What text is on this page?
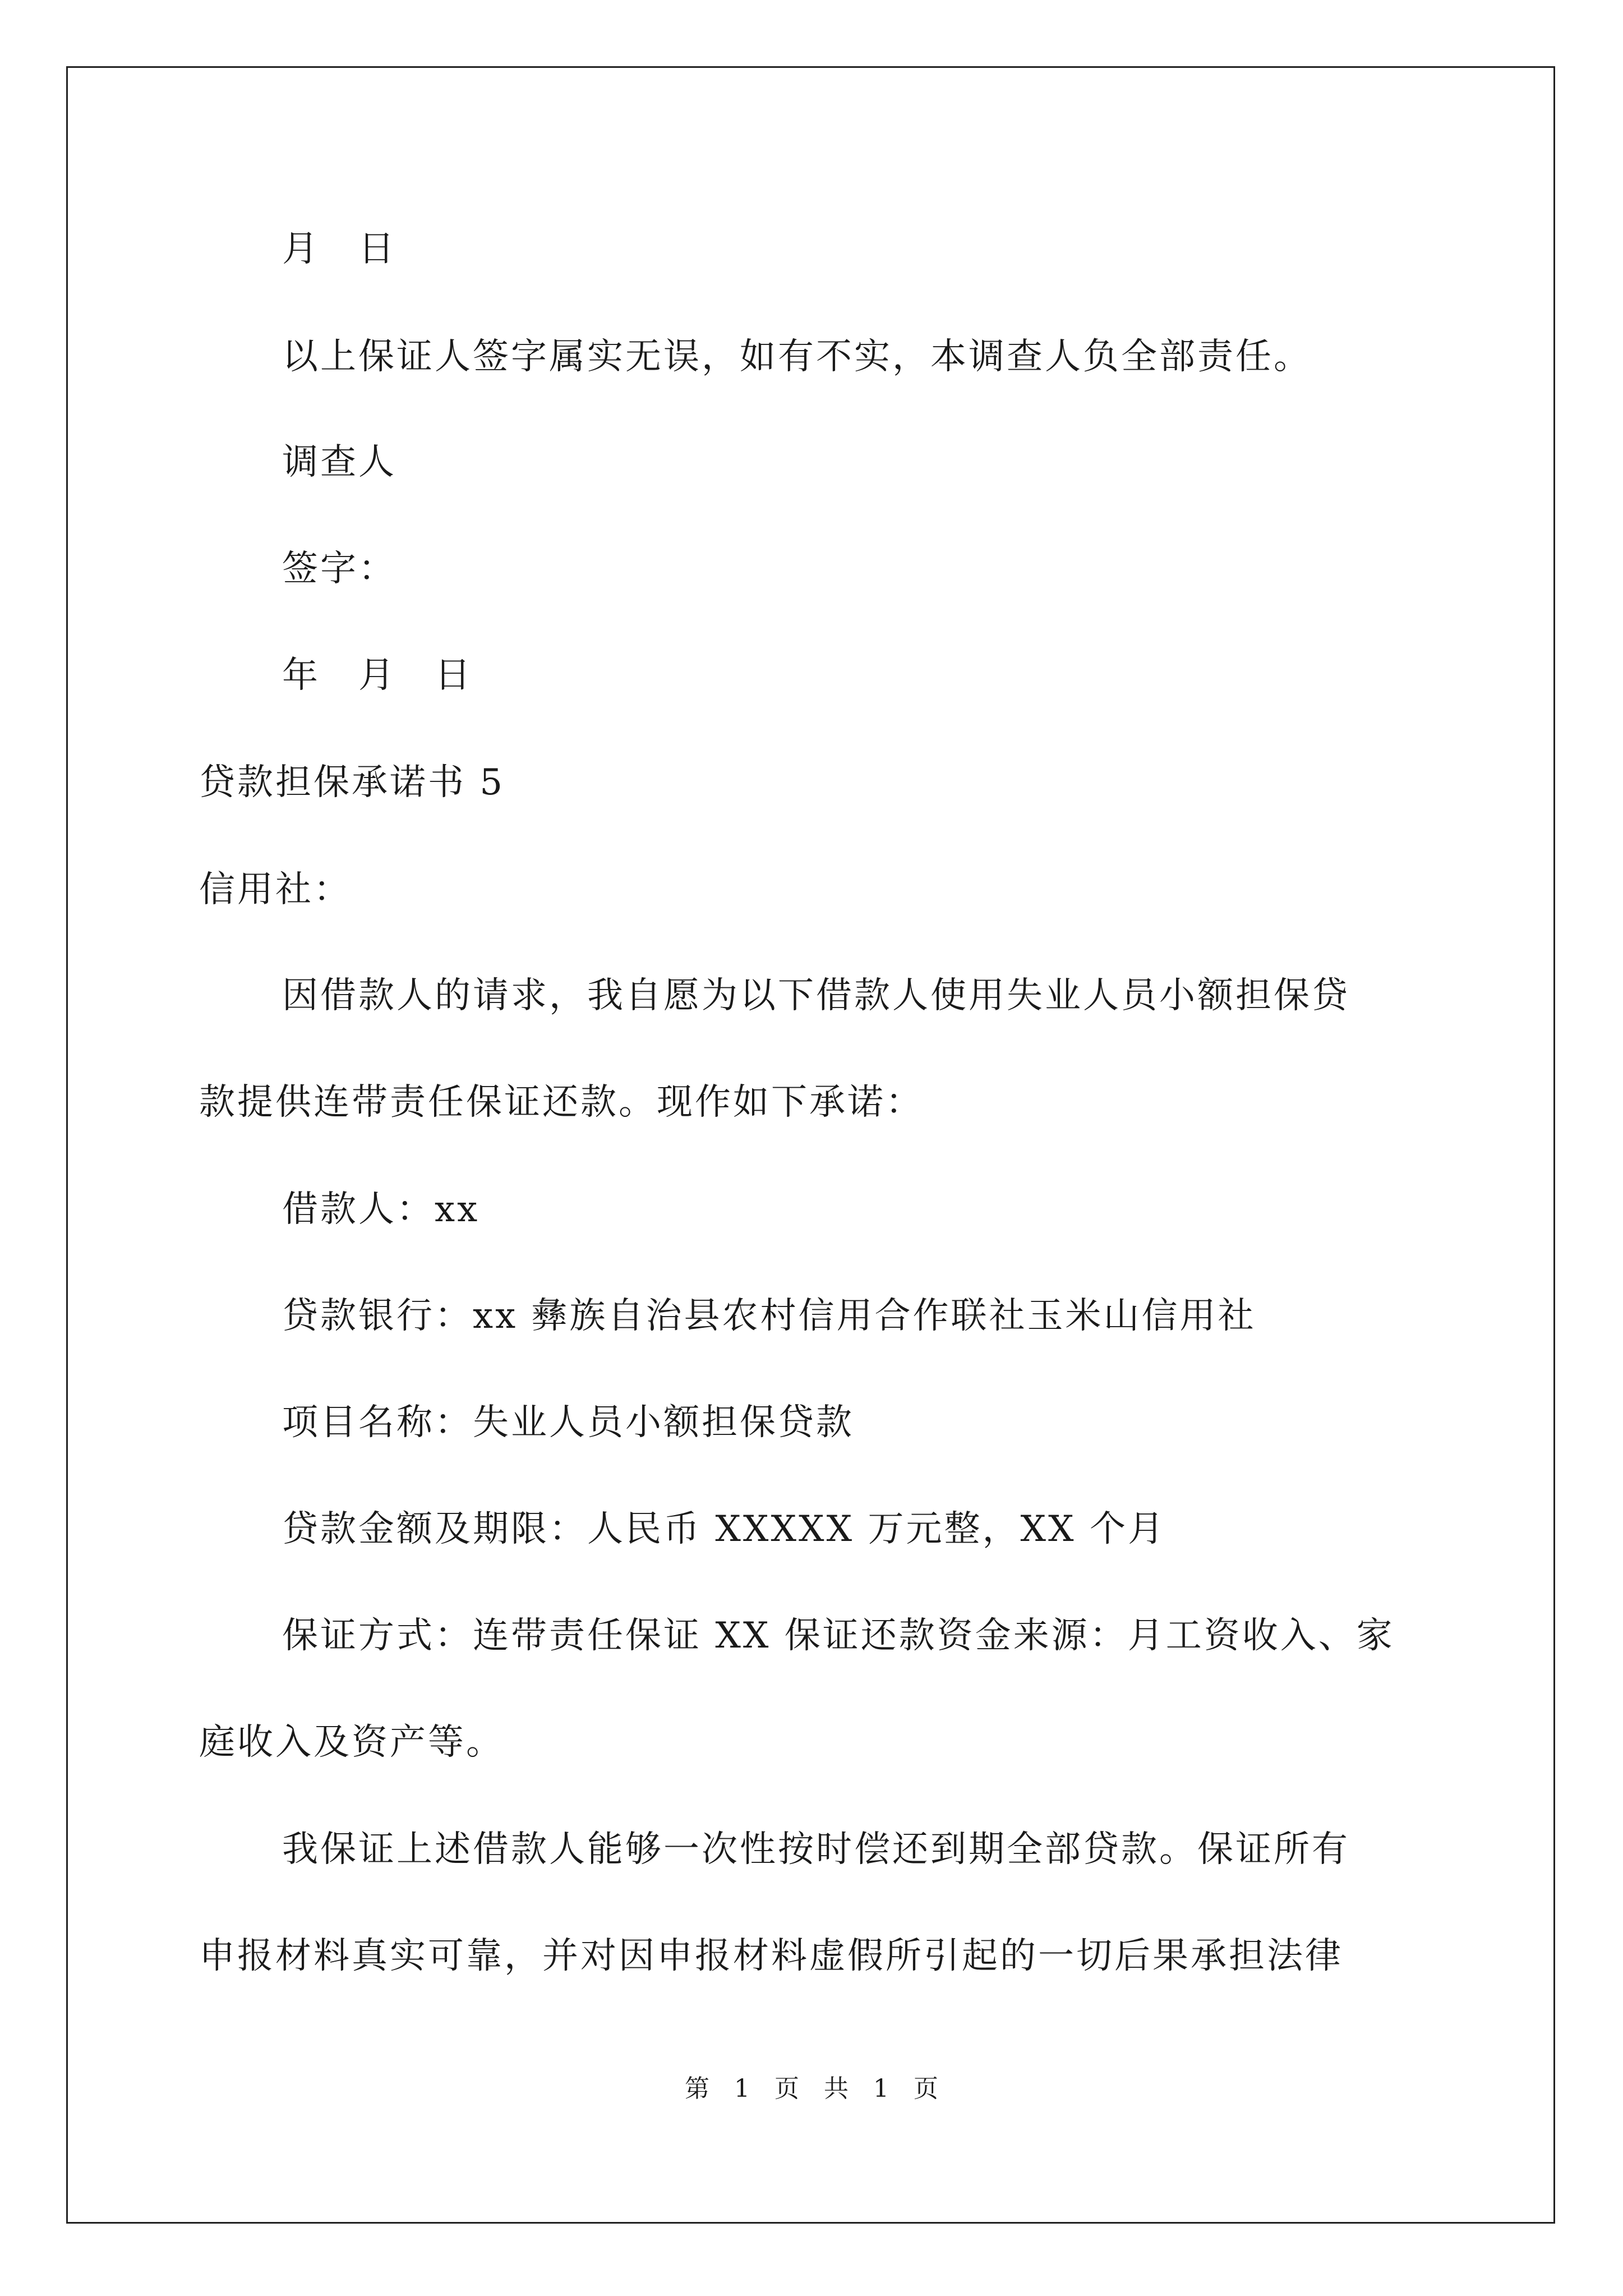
月　日
以上保证人签字属实无误，如有不实，本调查人负全部责任。
调查人
签字：
年　月　日
贷款担保承诺书 5
信用社：
因借款人的请求，我自愿为以下借款人使用失业人员小额担保贷
款提供连带责任保证还款。现作如下承诺：
借款人：xx
贷款银行：xx 彝族自治县农村信用合作联社玉米山信用社
项目名称：失业人员小额担保贷款
贷款金额及期限：人民币 XXXXX 万元整，XX 个月
保证方式：连带责任保证 XX 保证还款资金来源：月工资收入、家
庭收入及资产等。
我保证上述借款人能够一次性按时偿还到期全部贷款。保证所有
申报材料真实可靠，并对因申报材料虚假所引起的一切后果承担法律
第 1 页　共 1 页
